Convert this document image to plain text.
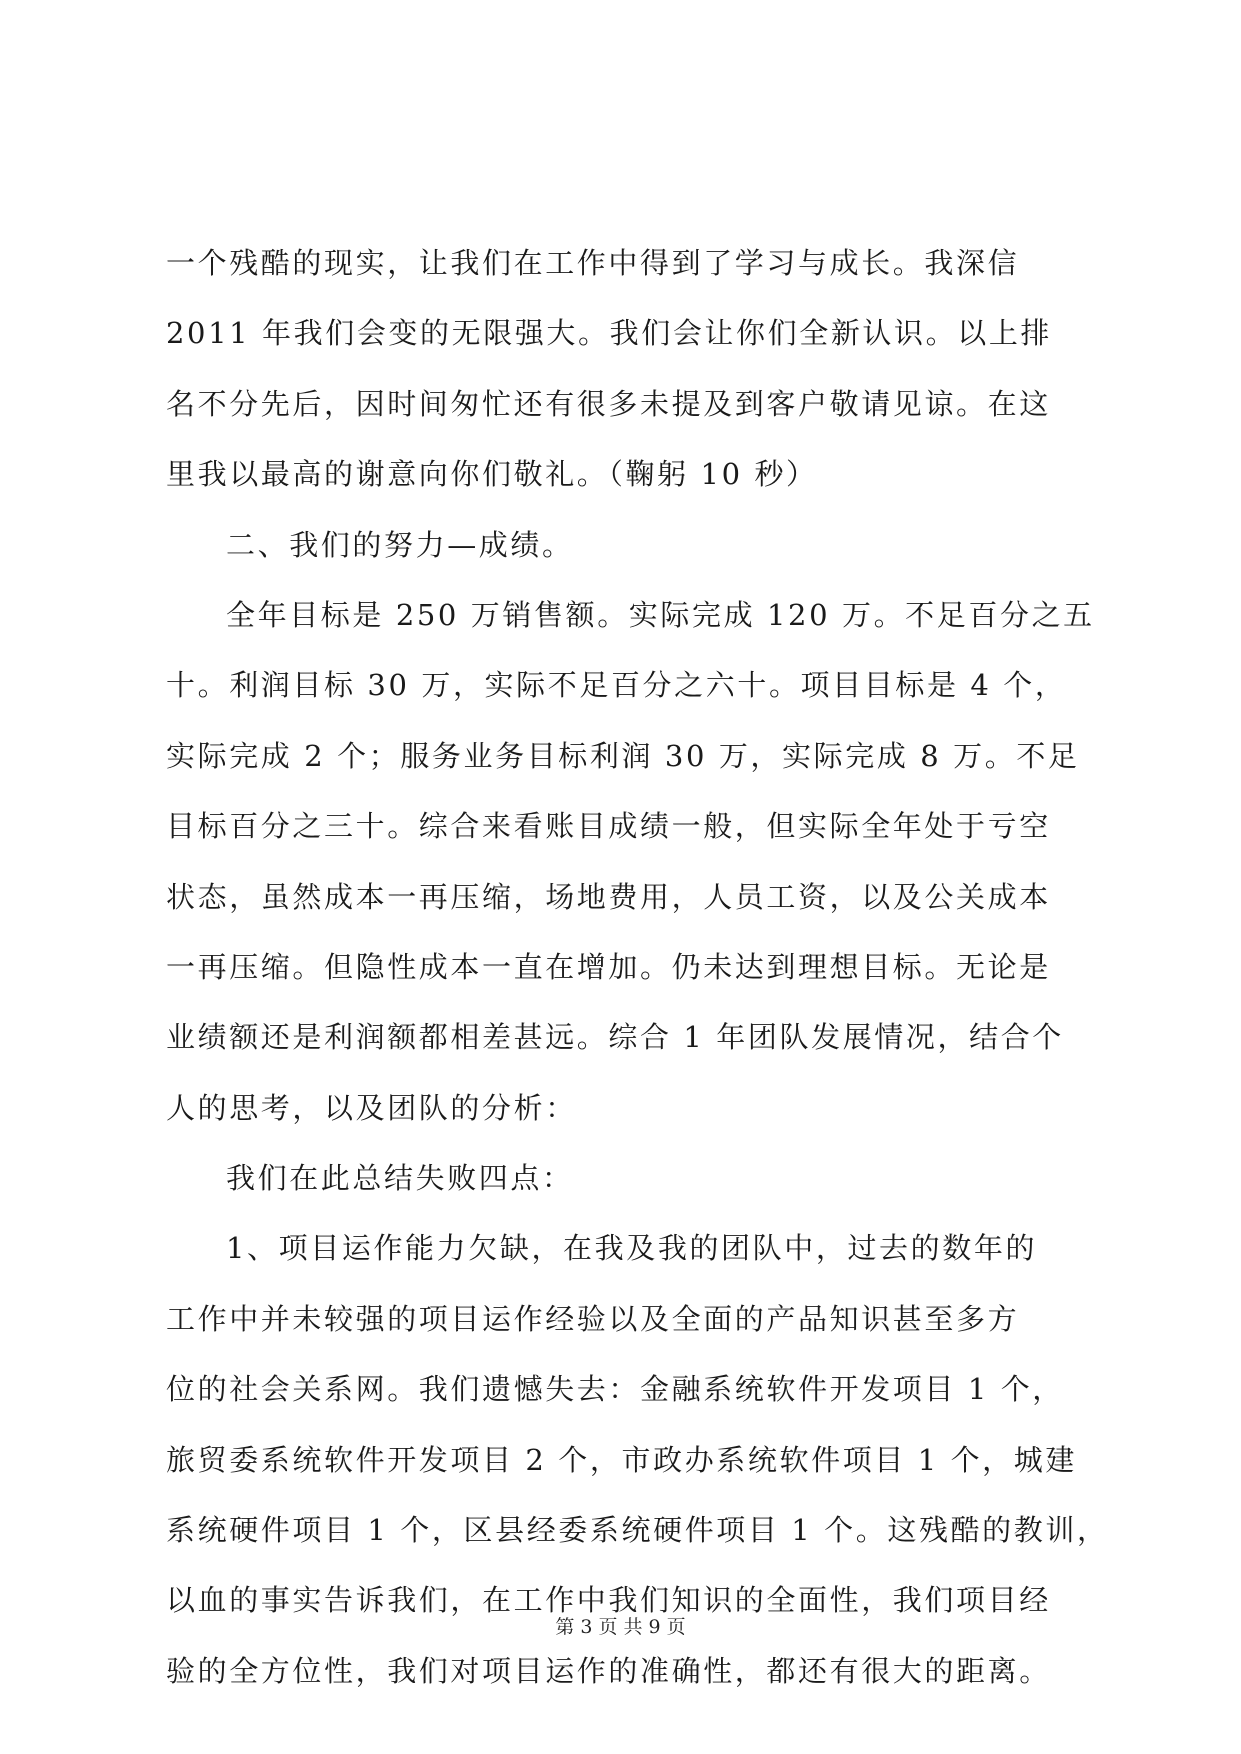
一个残酷的现实，让我们在工作中得到了学习与成长。我深信
2011 年我们会变的无限强大。我们会让你们全新认识。以上排
名不分先后，因时间匆忙还有很多未提及到客户敬请见谅。在这
里我以最高的谢意向你们敬礼。（鞠躬 10 秒）
二、我们的努力—成绩。
全年目标是 250 万销售额。实际完成 120 万。不足百分之五
十。利润目标 30 万，实际不足百分之六十。项目目标是 4 个，
实际完成 2 个；服务业务目标利润 30 万，实际完成 8 万。不足
目标百分之三十。综合来看账目成绩一般，但实际全年处于亏空
状态，虽然成本一再压缩，场地费用，人员工资，以及公关成本
一再压缩。但隐性成本一直在增加。仍未达到理想目标。无论是
业绩额还是利润额都相差甚远。综合 1 年团队发展情况，结合个
人的思考，以及团队的分析：
我们在此总结失败四点：
1、项目运作能力欠缺，在我及我的团队中，过去的数年的
工作中并未较强的项目运作经验以及全面的产品知识甚至多方
位的社会关系网。我们遗憾失去：金融系统软件开发项目 1 个，
旅贸委系统软件开发项目 2 个，市政办系统软件项目 1 个，城建
系统硬件项目 1 个，区县经委系统硬件项目 1 个。这残酷的教训，
以血的事实告诉我们，在工作中我们知识的全面性，我们项目经
验的全方位性，我们对项目运作的准确性，都还有很大的距离。
第 3 页 共 9 页
